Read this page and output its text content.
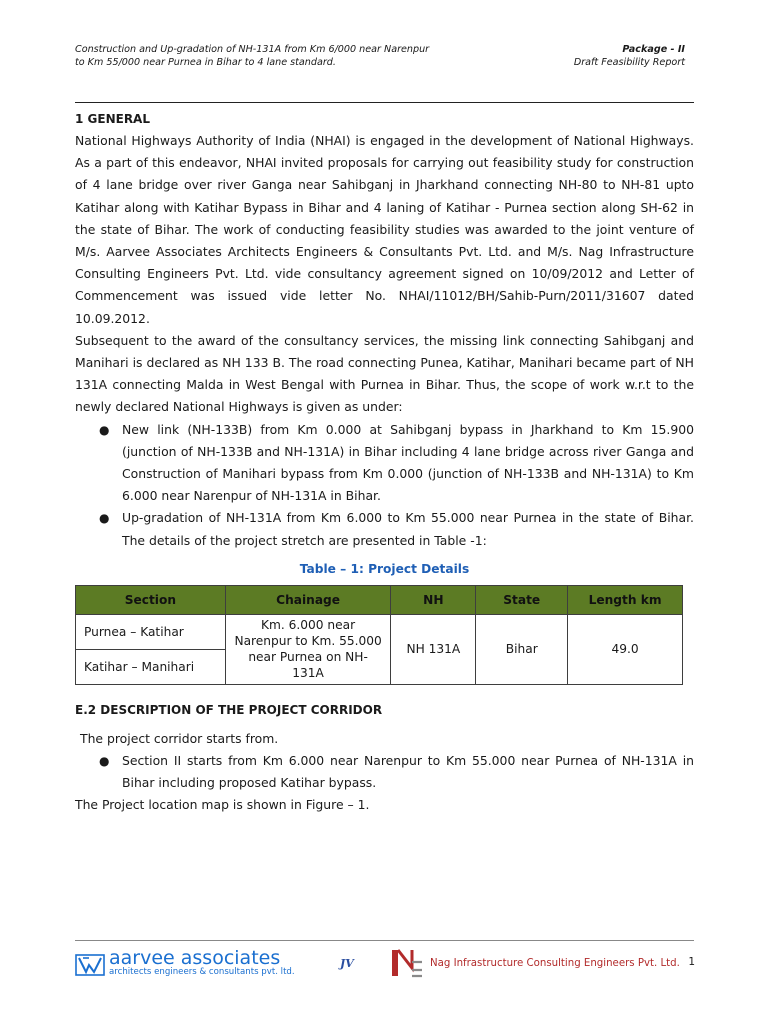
Construction and Up-gradation of NH-131A from Km 6/000 near Narenpur
to Km 55/000 near Purnea in Bihar to 4 lane standard.
Package - II
Draft Feasibility Report
1 GENERAL

National Highways Authority of India (NHAI) is engaged in the development of National Highways. As a part of this endeavor, NHAI invited proposals for carrying out feasibility study for construction of 4 lane bridge over river Ganga near Sahibganj in Jharkhand connecting NH-80 to NH-81 upto Katihar along with Katihar Bypass in Bihar and 4 laning of Katihar - Purnea section along SH-62 in the state of Bihar. The work of conducting feasibility studies was awarded to the joint venture of M/s. Aarvee Associates Architects Engineers & Consultants Pvt. Ltd. and M/s. Nag Infrastructure Consulting Engineers Pvt. Ltd. vide consultancy agreement signed on 10/09/2012 and Letter of Commencement was issued vide letter No. NHAI/11012/BH/Sahib-Purn/2011/31607 dated 10.09.2012.

Subsequent to the award of the consultancy services, the missing link connecting Sahibganj and Manihari is declared as NH 133 B. The road connecting Punea, Katihar, Manihari became part of NH 131A connecting Malda in West Bengal with Purnea in Bihar. Thus, the scope of work w.r.t to the newly declared National Highways is given as under:

● New link (NH-133B) from Km 0.000 at Sahibganj bypass in Jharkhand to Km 15.900 (junction of NH-133B and NH-131A) in Bihar including 4 lane bridge across river Ganga and Construction of Manihari bypass from Km 0.000 (junction of NH-133B and NH-131A) to Km 6.000 near Narenpur of NH-131A in Bihar.
● Up-gradation of NH-131A from Km 6.000 to Km 55.000 near Purnea in the state of Bihar. The details of the project stretch are presented in Table -1:
Table – 1: Project Details
Section	Chainage	NH	State	Length km
Purnea – Katihar	Km. 6.000 near Narenpur to Km. 55.000 near Purnea on NH-131A	NH 131A	Bihar	49.0
Katihar – Manihari				
E.2 DESCRIPTION OF THE PROJECT CORRIDOR

The project corridor starts from.

● Section II starts from Km 6.000 near Narenpur to Km 55.000 near Purnea of NH-131A in Bihar including proposed Katihar bypass.

The Project location map is shown in Figure – 1.

aarvee associates
architects engineers & consultants pvt. ltd.
JV	Nag Infrastructure Consulting Engineers Pvt. Ltd. 1
